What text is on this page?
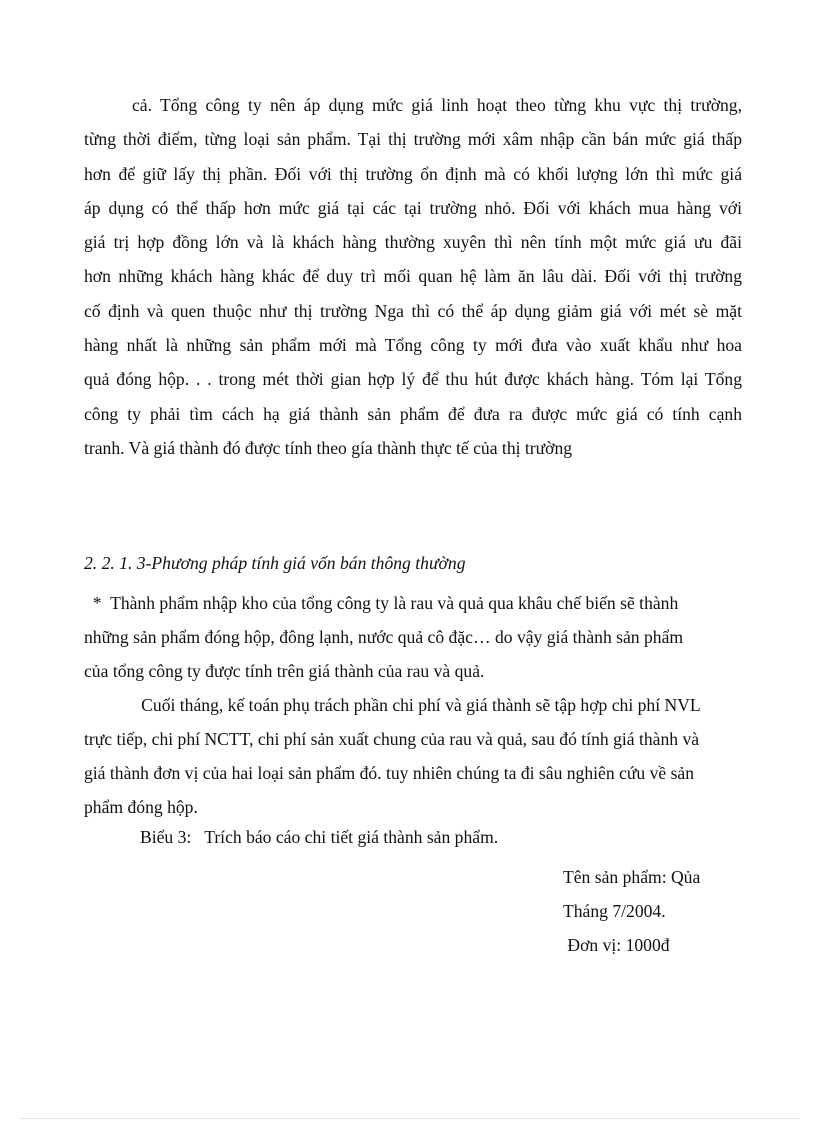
cả. Tổng công ty nên áp dụng mức giá linh hoạt theo từng khu vực thị trường,
từng thời điểm, từng loại sản phẩm. Tại thị trường mới xâm nhập cần bán mức giá thấp
hơn để giữ lấy thị phần. Đối với thị trường ổn định mà có khối lượng lớn thì mức giá
áp dụng có thể thấp hơn mức giá tại các tại trường nhỏ. Đối với khách mua hàng với
giá trị hợp đồng lớn và là khách hàng thường xuyên thì nên tính một mức giá ưu đãi
hơn những khách hàng khác để duy trì mối quan hệ làm ăn lâu dài. Đối với thị trường
cố định và quen thuộc như thị trường Nga thì có thể áp dụng giảm giá với mét sè mặt
hàng nhất là những sản phẩm mới mà Tổng công ty mới đưa vào xuất khẩu như hoa
quả đóng hộp. . . trong mét thời gian hợp lý để thu hút được khách hàng. Tóm lại Tổng
công ty phải tìm cách hạ giá thành sản phẩm để đưa ra được mức giá có tính cạnh
tranh. Và giá thành đó được tính theo gía thành thực tế của thị trường

2. 2. 1. 3-Phương pháp tính giá vốn bán thông thường

*  Thành phẩm nhập kho của tổng công ty là rau và quả qua khâu chế biến sẽ thành
những sản phẩm đóng hộp, đông lạnh, nước quả cô đặc… do vậy giá thành sản phẩm
của tổng công ty được tính trên giá thành của rau và quả.
Cuối tháng, kế toán phụ trách phần chi phí và giá thành sẽ tập hợp chi phí NVL
trực tiếp, chi phí NCTT, chi phí sản xuất chung của rau và quả, sau đó tính giá thành và
giá thành đơn vị của hai loại sản phẩm đó. tuy nhiên chúng ta đi sâu nghiên cứu về sản
phẩm đóng hộp.

Biểu 3:   Trích báo cáo chi tiết giá thành sản phẩm.

Tên sản phẩm: Qủa
Tháng 7/2004.
Đơn vị: 1000đ
